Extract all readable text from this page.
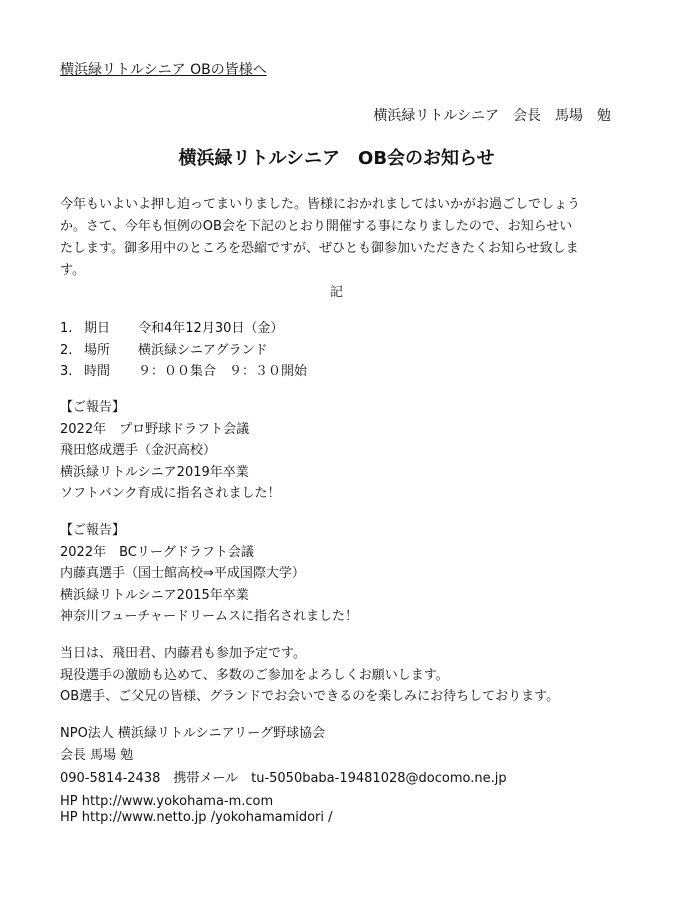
横浜緑リトルシニア OBの皆様へ
横浜緑リトルシニア　会長　馬場　勉
横浜緑リトルシニア　OB会のお知らせ
今年もいよいよ押し迫ってまいりました。皆様におかれましてはいかがお過ごしでしょう
か。さて、今年も恒例のOB会を下記のとおり開催する事になりましたので、お知らせい
たします。御多用中のところを恐縮ですが、ぜひとも御参加いただきたくお知らせ致しま
す。
記
1. 期日 令和4年12月30日（金）
2. 場所 横浜緑シニアグランド
3. 時間 ９：００集合　９：３０開始
【ご報告】
2022年　プロ野球ドラフト会議
飛田悠成選手（金沢高校）
横浜緑リトルシニア2019年卒業
ソフトバンク育成に指名されました！
【ご報告】
2022年　BCリーグドラフト会議
内藤真選手（国士館高校⇒平成国際大学）
横浜緑リトルシニア2015年卒業
神奈川フューチャードリームスに指名されました！
当日は、飛田君、内藤君も参加予定です。
現役選手の激励も込めて、多数のご参加をよろしくお願いします。
OB選手、ご父兄の皆様、グランドでお会いできるのを楽しみにお待ちしております。
NPO法人 横浜緑リトルシニアリーグ野球協会
会長 馬場 勉
090-5814-2438　携帯メール　tu-5050baba-19481028@docomo.ne.jp
HP http://www.yokohama-m.com
HP http://www.netto.jp /yokohamamidori /
